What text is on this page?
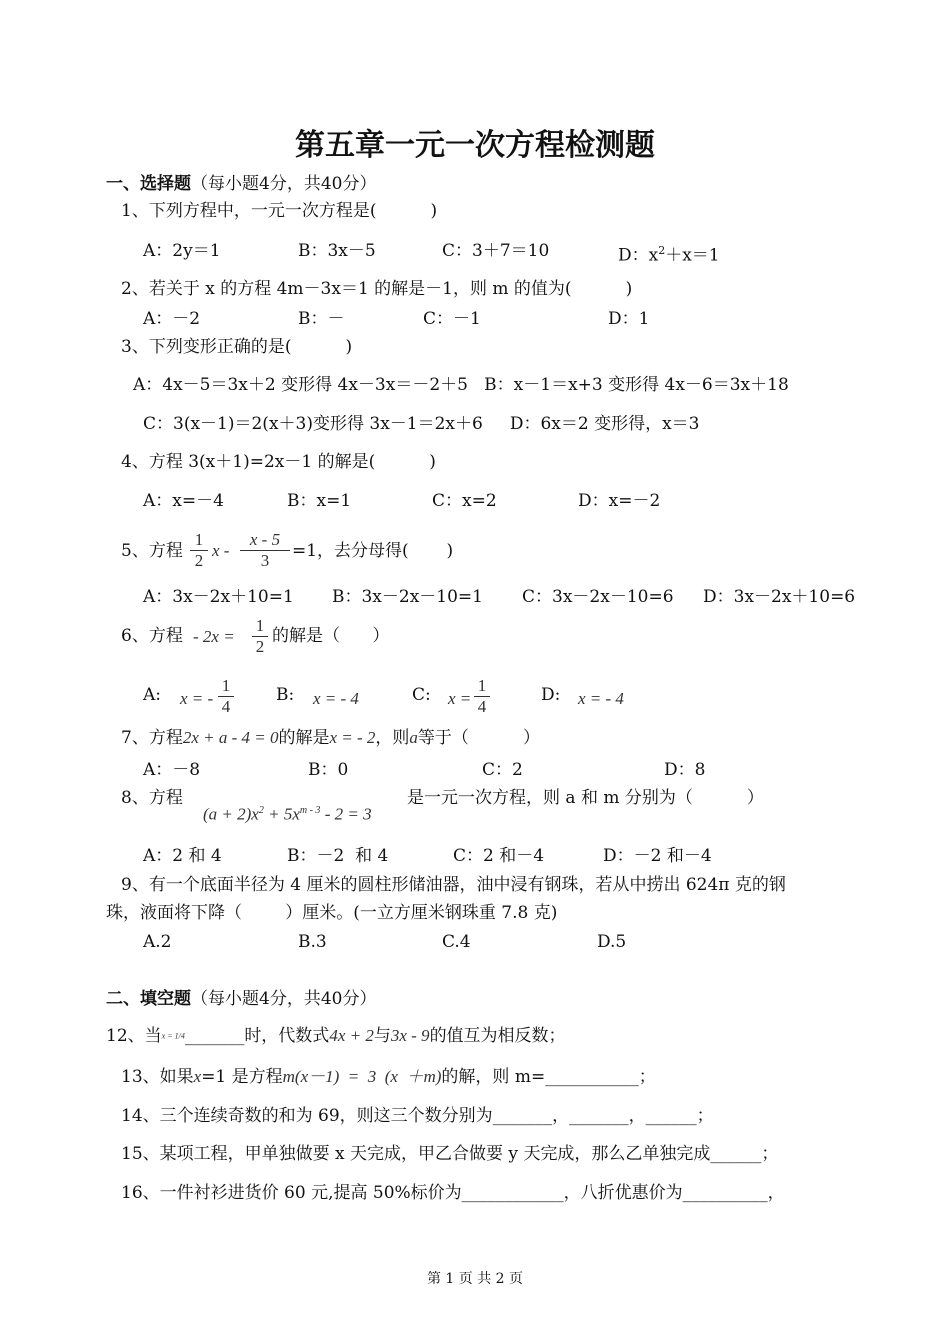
第五章一元一次方程检测题
一、选择题（每小题4分，共40分）
1、下列方程中，一元一次方程是(          )
A：2y＝1	B：3x－5	C：3＋7＝10	D：$x^2+x=1$
2、若关于 x 的方程 4m－3x＝1 的解是－1，则 m 的值为(          )
A：－2	B：－	C：－1	D：1
3、下列变形正确的是(          )
A：4x－5＝3x＋2 变形得 4x－3x＝－2＋5   B：x－1＝x+3 变形得 4x－6＝3x＋18
C：3(x－1)＝2(x＋3)变形得 3x－1＝2x＋6     D：6x＝2 变形得，x＝3
4、方程 3(x＋1)=2x－1 的解是(          )
A：x=－4	B：x=1	C：x=2	D：x=－2
5、方程
1
2
x -
x - 5
3	=1，去分母得(       )
A：3x－2x＋10=1 B：3x－2x－10=1 C：3x－2x－10=6 D：3x－2x＋10=6
6、方程 - 2x =
1
2
的解是（      ）
A: x = -
1
4
B: x = - 4	C: x =
1
4
D: x = - 4
7、方程2x + a - 4 = 0的解是x = - 2，则a等于（          ）
A：－8	B：0	C：2	D：8
8、方程
$(a + 2)x^2 + 5x^{m - 3} - 2 = 3$
是一元一次方程，则 a 和 m 分别为（          ）
A：2 和 4	B：－2  和 4	C：2 和－4	D：－2 和－4
9、有一个底面半径为 4 厘米的圆柱形储油器，油中浸有钢珠，若从中捞出 624π 克的钢
珠，液面将下降（        ）厘米。(一立方厘米钢珠重 7.8 克)
A.2	B.3	C.4	D.5
二、填空题（每小题4分，共40分）
12、当x = 1/4_______时，代数式4x + 2与3x - 9的值互为相反数；
13、如果x=1 是方程m(x－1)  =  3  (x  ＋m)的解，则 m=___________；
14、三个连续奇数的和为 69，则这三个数分别为_______，_______，______；
15、某项工程，甲单独做要 x 天完成，甲乙合做要 y 天完成，那么乙单独完成______；
16、一件衬衫进货价 60 元,提高 50%标价为____________，八折优惠价为__________，
第 1 页 共 2 页
